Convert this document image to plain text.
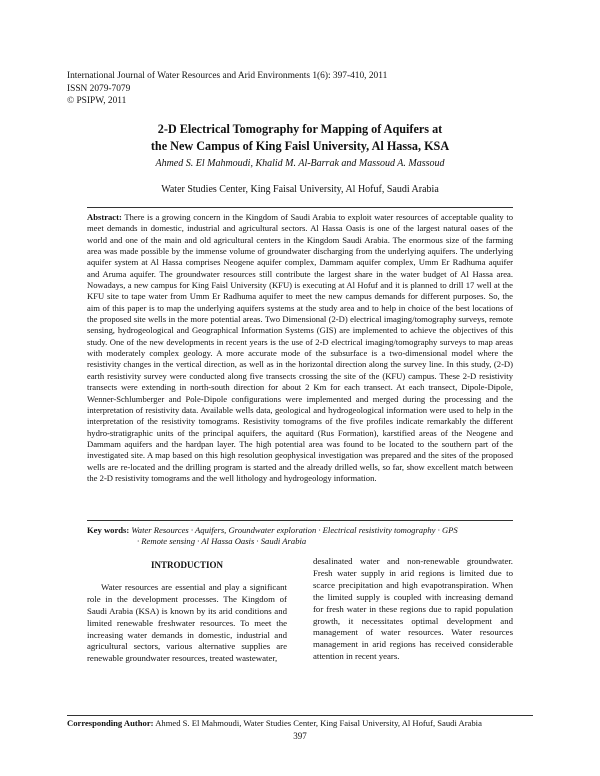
International Journal of Water Resources and Arid Environments 1(6): 397-410, 2011
ISSN 2079-7079
© PSIPW, 2011
2-D Electrical Tomography for Mapping of Aquifers at
the New Campus of King Faisl University, Al Hassa, KSA
Ahmed S. El Mahmoudi, Khalid M. Al-Barrak and Massoud A. Massoud
Water Studies Center, King Faisal University, Al Hofuf, Saudi Arabia
Abstract: There is a growing concern in the Kingdom of Saudi Arabia to exploit water resources of acceptable quality to meet demands in domestic, industrial and agricultural sectors. Al Hassa Oasis is one of the largest natural oases of the world and one of the main and old agricultural centers in the Kingdom Saudi Arabia. The enormous size of the farming area was made possible by the immense volume of groundwater discharging from the underlying aquifers. The underlying aquifer system at Al Hassa comprises Neogene aquifer complex, Dammam aquifer complex, Umm Er Radhuma aquifer and Aruma aquifer. The groundwater resources still contribute the largest share in the water budget of Al Hassa area. Nowadays, a new campus for King Faisl University (KFU) is executing at Al Hofuf and it is planned to drill 17 well at the KFU site to tape water from Umm Er Radhuma aquifer to meet the new campus demands for different purposes. So, the aim of this paper is to map the underlying aquifers systems at the study area and to help in choice of the best locations of the proposed site wells in the more potential areas. Two Dimensional (2-D) electrical imaging/tomography surveys, remote sensing, hydrogeological and Geographical Information Systems (GIS) are implemented to achieve the objectives of this study. One of the new developments in recent years is the use of 2-D electrical imaging/tomography surveys to map areas with moderately complex geology. A more accurate mode of the subsurface is a two-dimensional model where the resistivity changes in the vertical direction, as well as in the horizontal direction along the survey line. In this study, (2-D) earth resistivity survey were conducted along five transects crossing the site of the (KFU) campus. These 2-D resistivity transects were extending in north-south direction for about 2 Km for each transect. At each transect, Dipole-Dipole, Wenner-Schlumberger and Pole-Dipole configurations were implemented and merged during the processing and the interpretation of resistivity data. Available wells data, geological and hydrogeological information were used to help in the interpretation of the resistivity tomograms. Resistivity tomograms of the five profiles indicate remarkably the different hydro-stratigraphic units of the principal aquifers, the aquitard (Rus Formation), karstified areas of the Neogene and Dammam aquifers and the hardpan layer. The high potential area was found to be located to the southern part of the investigated site. A map based on this high resolution geophysical investigation was prepared and the sites of the proposed wells are re-located and the drilling program is started and the already drilled wells, so far, show excellent match between the 2-D resistivity tomograms and the well lithology and hydrogeology information.
Key words: Water Resources · Aquifers, Groundwater exploration · Electrical resistivity tomography · GPS
· Remote sensing · Al Hassa Oasis · Saudi Arabia
INTRODUCTION

Water resources are essential and play a significant role in the development processes. The Kingdom of Saudi Arabia (KSA) is known by its arid conditions and limited renewable freshwater resources. To meet the increasing water demands in domestic, industrial and agricultural sectors, various alternative supplies are renewable groundwater resources, treated wastewater,

desalinated water and non-renewable groundwater. Fresh water supply in arid regions is limited due to scarce precipitation and high evapotranspiration. When the limited supply is coupled with increasing demand for fresh water in these regions due to rapid population growth, it necessitates optimal development and management of water resources. Water resources management in arid regions has received considerable attention in recent years.

Corresponding Author: Ahmed S. El Mahmoudi, Water Studies Center, King Faisal University, Al Hofuf, Saudi Arabia
397
